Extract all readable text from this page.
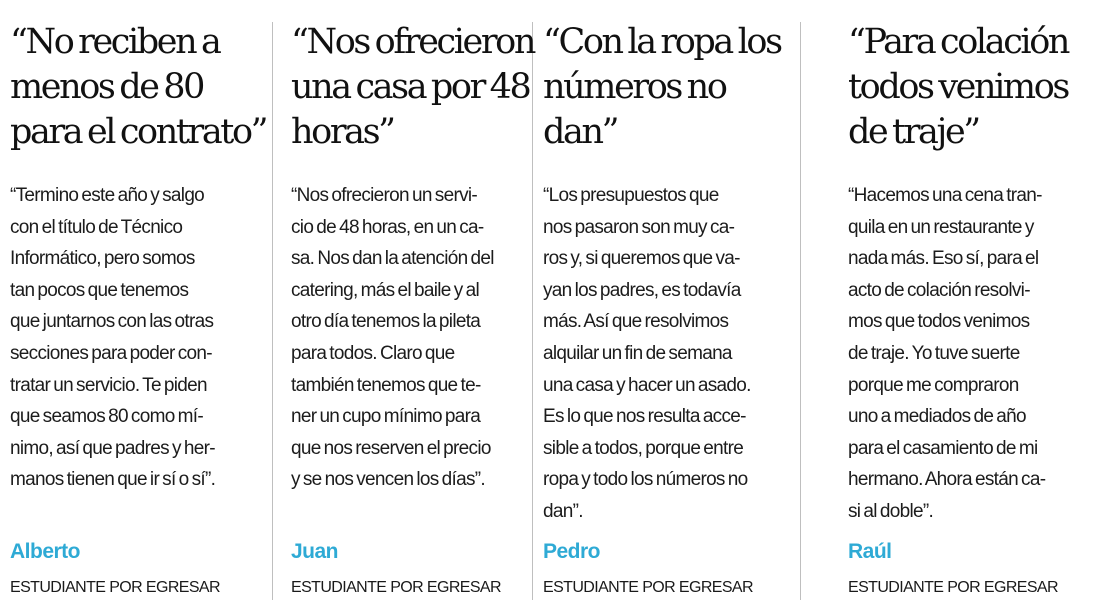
“No reciben a
menos de 80
para el contrato”

“Termino este año y salgo
con el título de Técnico
Informático, pero somos
tan pocos que tenemos
que juntarnos con las otras
secciones para poder con-
tratar un servicio. Te piden
que seamos 80 como mí-
nimo, así que padres y her-
manos tienen que ir sí o sí”.

Alberto
ESTUDIANTE POR EGRESAR
“Nos ofrecieron
una casa por 48
horas”

“Nos ofrecieron un servi-
cio de 48 horas, en un ca-
sa. Nos dan la atención del
catering, más el baile y al
otro día tenemos la pileta
para todos. Claro que
también tenemos que te-
ner un cupo mínimo para
que nos reserven el precio
y se nos vencen los días”.

Juan
ESTUDIANTE POR EGRESAR
“Con la ropa los
números no
dan”

“Los presupuestos que
nos pasaron son muy ca-
ros y, si queremos que va-
yan los padres, es todavía
más. Así que resolvimos
alquilar un fin de semana
una casa y hacer un asado.
Es lo que nos resulta acce-
sible a todos, porque entre
ropa y todo los números no
dan”.

Pedro
ESTUDIANTE POR EGRESAR
“Para colación
todos venimos
de traje”

“Hacemos una cena tran-
quila en un restaurante y
nada más. Eso sí, para el
acto de colación resolvi-
mos que todos venimos
de traje. Yo tuve suerte
porque me compraron
uno a mediados de año
para el casamiento de mi
hermano. Ahora están ca-
si al doble”.

Raúl
ESTUDIANTE POR EGRESAR
